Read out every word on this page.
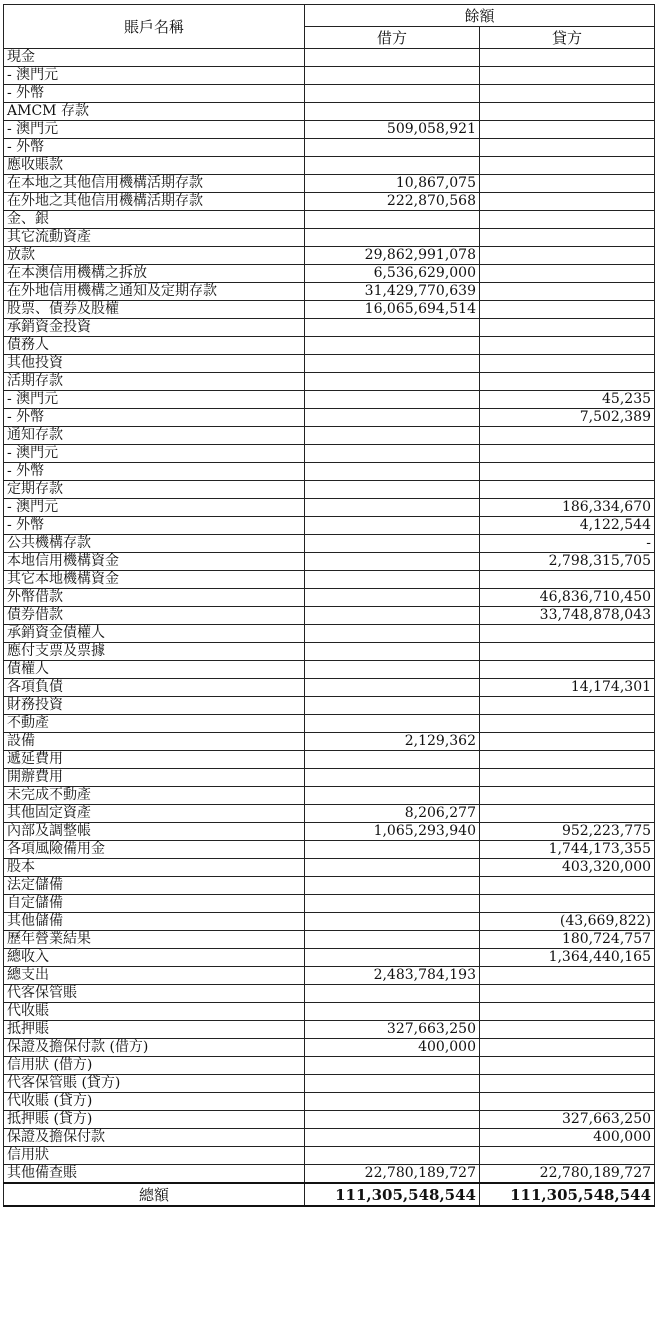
賬戶名稱	餘額	
	借方	貸方
現金		
- 澳門元		
- 外幣		
AMCM 存款		
- 澳門元	509,058,921	
- 外幣		
應收賬款		
在本地之其他信用機構活期存款	10,867,075	
在外地之其他信用機構活期存款	222,870,568	
金、銀		
其它流動資產		
放款	29,862,991,078	
在本澳信用機構之拆放	6,536,629,000	
在外地信用機構之通知及定期存款	31,429,770,639	
股票、債券及股權	16,065,694,514	
承銷資金投資		
債務人		
其他投資		
活期存款		
- 澳門元		45,235
- 外幣		7,502,389
通知存款		
- 澳門元		
- 外幣		
定期存款		
- 澳門元		186,334,670
- 外幣		4,122,544
公共機構存款		-
本地信用機構資金		2,798,315,705
其它本地機構資金		
外幣借款		46,836,710,450
債券借款		33,748,878,043
承銷資金債權人		
應付支票及票據		
債權人		
各項負債		14,174,301
財務投資		
不動產		
設備	2,129,362	
遞延費用		
開辦費用		
未完成不動產		
其他固定資產	8,206,277	
內部及調整帳	1,065,293,940	952,223,775
各項風險備用金		1,744,173,355
股本		403,320,000
法定儲備		
自定儲備		
其他儲備		(43,669,822)
歷年營業結果		180,724,757
總收入		1,364,440,165
總支出	2,483,784,193	
代客保管賬		
代收賬		
抵押賬	327,663,250	
保證及擔保付款 (借方)	400,000	
信用狀 (借方)		
代客保管賬 (貸方)		
代收賬 (貸方)		
抵押賬 (貸方)		327,663,250
保證及擔保付款		400,000
信用狀		
其他備查賬	22,780,189,727	22,780,189,727
總額	111,305,548,544	111,305,548,544
